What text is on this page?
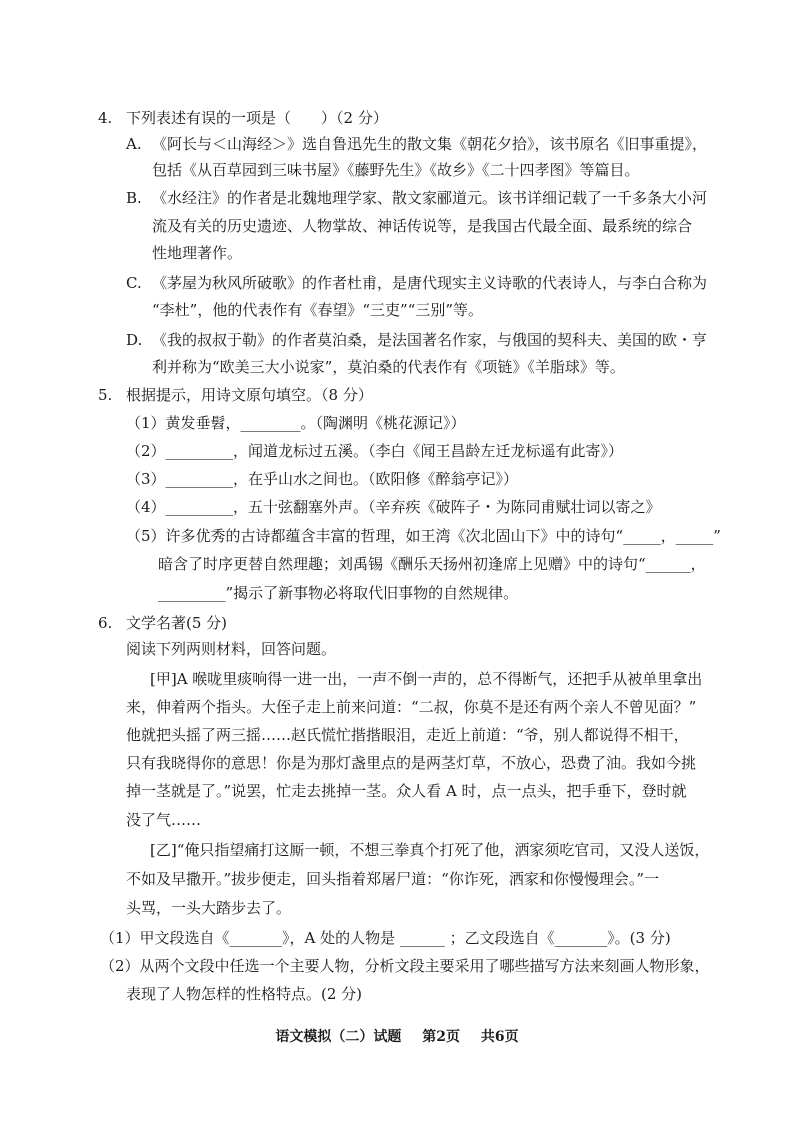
4. 下列表述有误的一项是（　　）（2 分）
A. 《阿长与＜山海经＞》选自鲁迅先生的散文集《朝花夕拾》，该书原名《旧事重提》，
包括《从百草园到三味书屋》《藤野先生》《故乡》《二十四孝图》等篇目。
B. 《水经注》的作者是北魏地理学家、散文家郦道元。该书详细记载了一千多条大小河
流及有关的历史遗迹、人物掌故、神话传说等，是我国古代最全面、最系统的综合
性地理著作。
C. 《茅屋为秋风所破歌》的作者杜甫，是唐代现实主义诗歌的代表诗人，与李白合称为
“李杜”，他的代表作有《春望》“三吏”“三别”等。
D. 《我的叔叔于勒》的作者莫泊桑，是法国著名作家，与俄国的契科夫、美国的欧・亨
利并称为“欧美三大小说家”，莫泊桑的代表作有《项链》《羊脂球》等。
5. 根据提示，用诗文原句填空。（8 分）
（1）黄发垂髫，________。（陶渊明《桃花源记》）
（2）_________，闻道龙标过五溪。（李白《闻王昌龄左迁龙标遥有此寄》）
（3）_________，在乎山水之间也。（欧阳修《醉翁亭记》）
（4）_________，五十弦翻塞外声。（辛弃疾《破阵子・为陈同甫赋壮词以寄之》
（5）许多优秀的古诗都蕴含丰富的哲理，如王湾《次北固山下》中的诗句“_____，_____”
暗含了时序更替自然理趣；刘禹锡《酬乐天扬州初逢席上见赠》中的诗句“______，
_________”揭示了新事物必将取代旧事物的自然规律。
6. 文学名著(5 分)
阅读下列两则材料，回答问题。
[甲]A 喉咙里痰响得一进一出，一声不倒一声的，总不得断气，还把手从被单里拿出
来，伸着两个指头。大侄子走上前来问道：“二叔，你莫不是还有两个亲人不曾见面？”
他就把头摇了两三摇……赵氏慌忙揩揩眼泪，走近上前道：“爷，别人都说得不相干，
只有我晓得你的意思！你是为那灯盏里点的是两茎灯草，不放心，恐费了油。我如今挑
掉一茎就是了。”说罢，忙走去挑掉一茎。众人看 A 时，点一点头，把手垂下，登时就
没了气……
[乙]“俺只指望痛打这厮一顿，不想三拳真个打死了他，洒家须吃官司，又没人送饭，
不如及早撒开。”拔步便走，回头指着郑屠尸道：“你诈死，洒家和你慢慢理会。”一
头骂，一头大踏步去了。
（1）甲文段选自《_______》，A 处的人物是 ______ ；乙文段选自《_______》。(3 分)
（2）从两个文段中任选一个主要人物，分析文段主要采用了哪些描写方法来刻画人物形象，
表现了人物怎样的性格特点。(2 分)
语文模拟（二）试题 第2页 共6页
